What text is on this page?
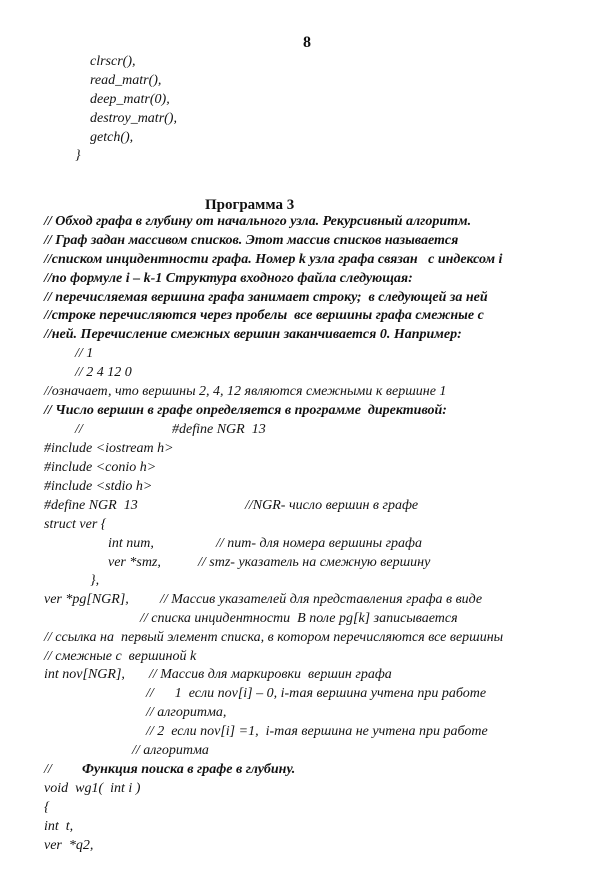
8
clrscr(),
read_matr(),
deep_matr(0),
destroy_matr(),
getch(),
}
Программа 3
// Обход графа в глубину от начального узла. Рекурсивный алгоритм.
// Граф задан массивом списков. Этот массив списков называется
//списком инцидентности графа. Номер k узла графа связан   с индексом i
//по формуле i – k-1 Структура входного файла следующая:
// перечисляемая вершина графа занимает строку;  в следующей за ней
//строке перечисляются через пробелы  все вершины графа смежные с
//ней. Перечисление смежных вершин заканчивается 0. Например:
// 1
// 2 4 12 0
//означает, что вершины 2, 4, 12 являются смежными к вершине 1
// Число вершин в графе определяется в программе  директивой:
//	#define NGR  13
#include <iostream h>
#include <conio h>
#include <stdio h>
#define NGR  13	//NGR- число вершин в графе
struct ver {
int num,	// num- для номера вершины графа
ver *smz,	// smz- указатель на смежную вершину
},
ver *pg[NGR], // Массив указателей для представления графа в виде
// списка инцидентности  В поле pg[k] записывается
// ссылка на  первый элемент списка, в котором перечисляются все вершины
// смежные с  вершиной k
int nov[NGR], // Массив для маркировки  вершин графа
//      1  если nov[i] – 0, i-тая вершина учтена при работе
// алгоритма,
// 2  если nov[i] =1,  i-тая вершина не учтена при работе
// алгоритма
// Функция поиска в графе в глубину.
void  wg1(  int i )
{
int  t,
ver  *q2,
